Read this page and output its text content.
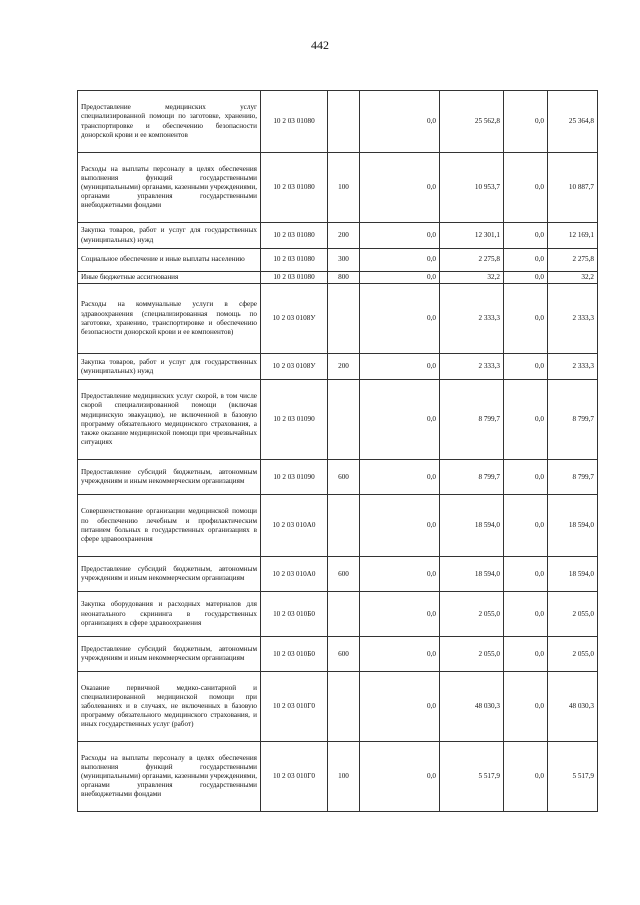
442
Предоставление медицинских услуг специализированной помощи по заготовке, хранению, транспортировке и обеспечению безопасности донорской крови и ее компонентов	10 2 03 01080		0,0	25 562,8	0,0	25 364,8
Расходы на выплаты персоналу в целях обеспечения выполнения функций государственными (муниципальными) органами, казенными учреждениями, органами управления государственными внебюджетными фондами	10 2 03 01080	100	0,0	10 953,7	0,0	10 887,7
Закупка товаров, работ и услуг для государственных (муниципальных) нужд	10 2 03 01080	200	0,0	12 301,1	0,0	12 169,1
Социальное обеспечение и иные выплаты населению	10 2 03 01080	300	0,0	2 275,8	0,0	2 275,8
Иные бюджетные ассигнования	10 2 03 01080	800	0,0	32,2	0,0	32,2
Расходы на коммунальные услуги в сфере здравоохранения (специализированная помощь по заготовке, хранению, транспортировке и обеспечению безопасности донорской крови и ее компонентов)	10 2 03 0108У		0,0	2 333,3	0,0	2 333,3
Закупка товаров, работ и услуг для государственных (муниципальных) нужд	10 2 03 0108У	200	0,0	2 333,3	0,0	2 333,3
Предоставление медицинских услуг скорой, в том числе скорой специализированной помощи (включая медицинскую эвакуацию), не включенной в базовую программу обязательного медицинского страхования, а также оказание медицинской помощи при чрезвычайных ситуациях	10 2 03 01090		0,0	8 799,7	0,0	8 799,7
Предоставление субсидий бюджетным, автономным учреждениям и иным некоммерческим организациям	10 2 03 01090	600	0,0	8 799,7	0,0	8 799,7
Совершенствование организации медицинской помощи по обеспечению лечебным и профилактическим питанием больных в государственных организациях в сфере здравоохранения	10 2 03 010А0		0,0	18 594,0	0,0	18 594,0
Предоставление субсидий бюджетным, автономным учреждениям и иным некоммерческим организациям	10 2 03 010А0	600	0,0	18 594,0	0,0	18 594,0
Закупка оборудования и расходных материалов для неонатального скрининга в государственных организациях в сфере здравоохранения	10 2 03 010Б0		0,0	2 055,0	0,0	2 055,0
Предоставление субсидий бюджетным, автономным учреждениям и иным некоммерческим организациям	10 2 03 010Б0	600	0,0	2 055,0	0,0	2 055,0
Оказание первичной медико-санитарной и специализированной медицинской помощи при заболеваниях и в случаях, не включенных в базовую программу обязательного медицинского страхования, и иных государственных услуг (работ)	10 2 03 010Г0		0,0	48 030,3	0,0	48 030,3
Расходы на выплаты персоналу в целях обеспечения выполнения функций государственными (муниципальными) органами, казенными учреждениями, органами управления государственными внебюджетными фондами	10 2 03 010Г0	100	0,0	5 517,9	0,0	5 517,9
